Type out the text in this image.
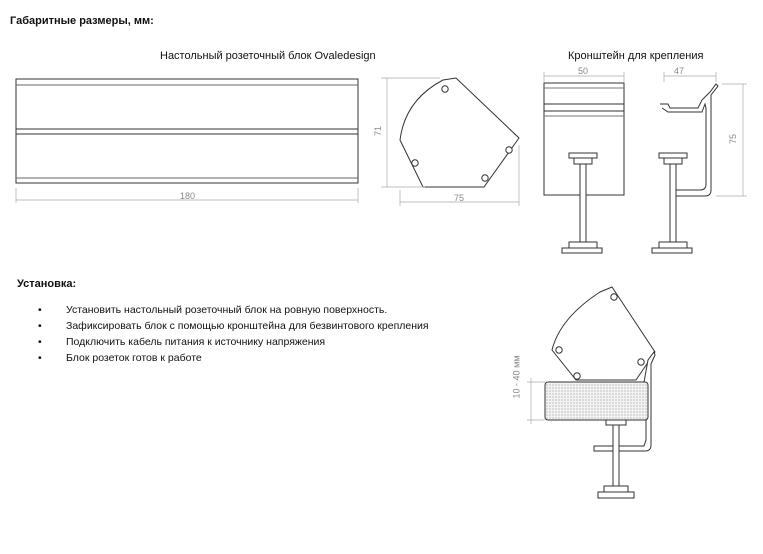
Габаритные размеры, мм:
Настольный розеточный блок Ovaledesign	Кронштейн для крепления
Установка:
180
71
75
50	47
75
10 - 40 мм
• Установить настольный розеточный блок на ровную поверхность.
• Зафиксировать блок с помощью кронштейна для безвинтового крепления
• Подключить кабель питания к источнику напряжения
• Блок розеток готов к работе
